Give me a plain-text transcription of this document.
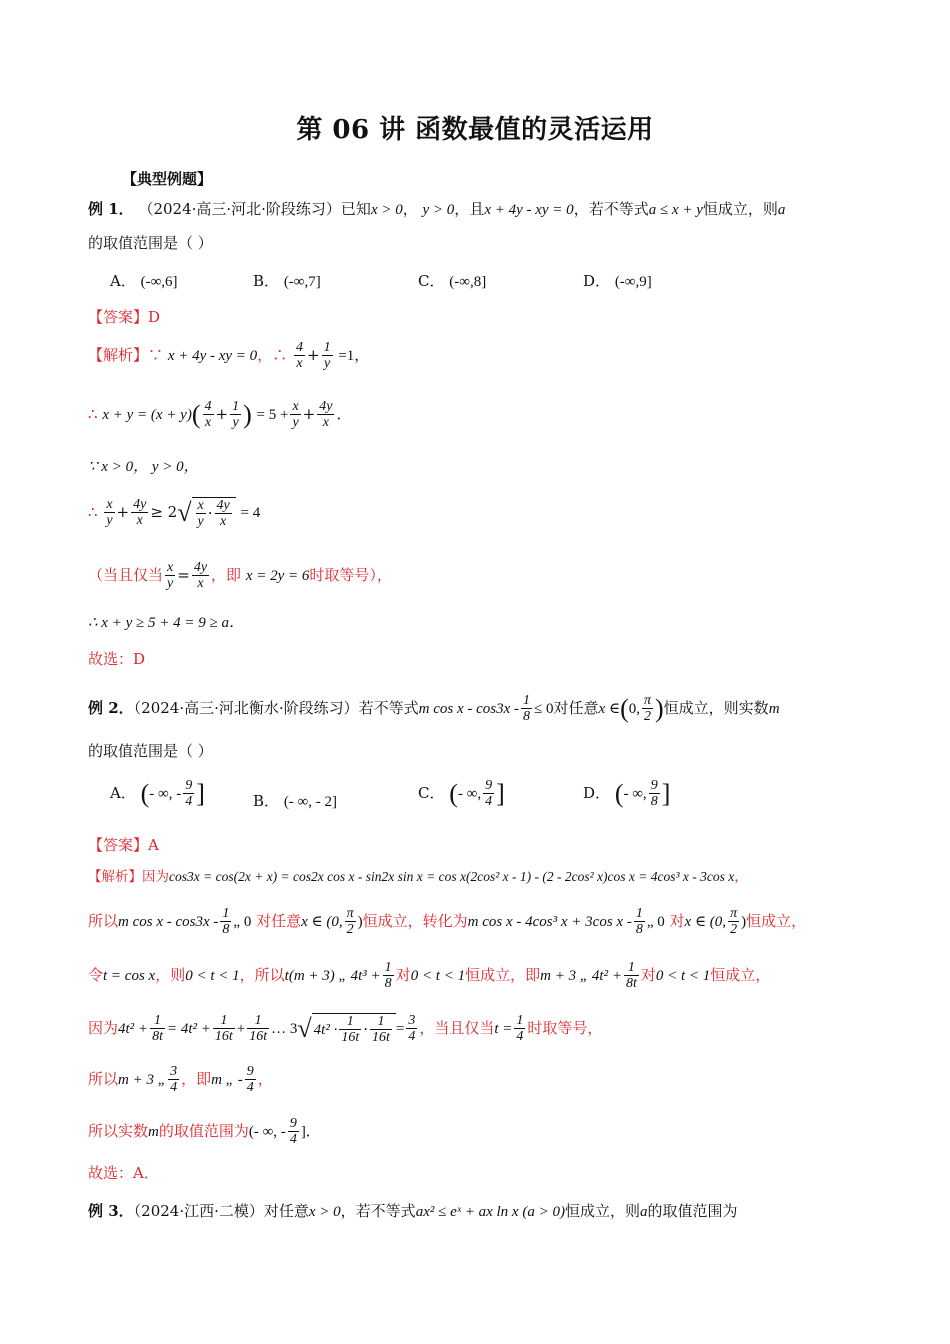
第 06 讲 函数最值的灵活运用
【典型例题】
例 1． （2024·高三·河北·阶段练习）已知x > 0， y > 0，且x + 4y - xy = 0，若不等式a ≤ x + y恒成立，则a
的取值范围是（ ）
A． (-∞,6]	B． (-∞,7]	C． (-∞,8]	D． (-∞,9]
【答案】D
【解析】∵ x + 4y - xy = 0，∴ $\frac{4}{x} + \frac{1}{y} =1$，
∴ $x + y = (x + y)( \frac{4}{x} + \frac{1}{y}$ ) = $5 + \frac{x}{y} + \frac{4y}{x}$ ．
∵ x > 0， y > 0，
∴ $\frac{x}{y} + \frac{4y}{x} \ge 2√ \frac{x}{y} \cdot \frac{4y}{x} = 4$
（当且仅当 $\frac{x}{y} = \frac{4y}{x}$ ，即 x = 2y = 6时取等号），
∴ x + y ≥ 5 + 4 = 9 ≥ a．
故选：D
例 2．（2024·高三·河北衡水·阶段练习）若不等式m $\cos x - \cos 3x - \frac{1}{8} \le 0$对任意x ∈(0, $\frac{\pi}{2}$ )恒成立，则实数m
的取值范围是（ ）
A． (- ∞, - $\frac{9}{4}$ ]	B． (- ∞, - 2]
C． (- ∞, $\frac{9}{4}$ ]	D． (- ∞, $\frac{9}{8}$ ]
【答案】A
【解析】因为cos3x = cos(2x + x) = cos2x cos x - sin2x sin x = cos x(2cos² x - 1) - (2 - 2cos² x)cos x = 4cos³ x - 3cos x，
所以m cos x - $\cos 3x - \frac{1}{8}$ „ 0 对任意x ∈ (0, $\frac{\pi}{2}$ )恒成立，转化为m cos x - 4cos³ x + 3cos x - $\frac{1}{8}$ „ 0 对x ∈ (0, $\frac{\pi}{2}$ )恒成立，
令t = cos x，则0 < t < 1，所以t(m + 3) „ $4t^3 + \frac{1}{8}$ 对0 < t < 1恒成立，即m + 3 „ $4t^2 + \frac{1}{8t}$ 对0 < t < 1恒成立，
因为$4t^2 + \frac{1}{8t} = 4t^2 + \frac{1}{16t} + \frac{1}{16t}$ … 3√ $4t^2 \cdot \frac{1}{16t} \cdot \frac{1}{16t} = \frac{3}{4}$ ，当且仅当$t = \frac{1}{4}$ 时取等号，
所以m + 3 „ $\frac{3}{4}$ ，即m „ - $\frac{9}{4}$ ，
所以实数m的取值范围为(- ∞, - $\frac{9}{4}$ ]．
故选：A．
例 3．（2024·江西·二模）对任意x > 0，若不等式ax² ≤ eˣ + ax ln x (a > 0)恒成立，则a的取值范围为
